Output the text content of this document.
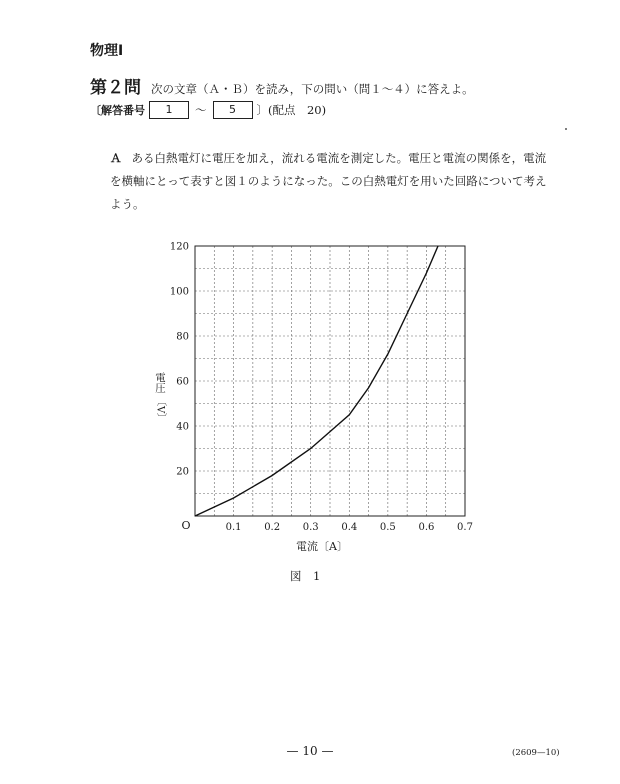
物理Ⅰ
第２問 次の文章（Ａ・Ｂ）を読み，下の問い（問１～４）に答えよ。
〔解答番号	1	～	5	〕(配点　20)
Ａ ある白熱電灯に電圧を加え，流れる電流を測定した。電圧と電流の関係を，電流を横軸にとって表すと図１のようになった。この白熱電灯を用いた回路について考えよう。
20
40
60
80
100
120
0.1 0.2 0.3 0.4 0.5 0.6 0.7
O
電圧
〔V〕
電流〔A〕
図　1
— 10 —	(2609—10)
